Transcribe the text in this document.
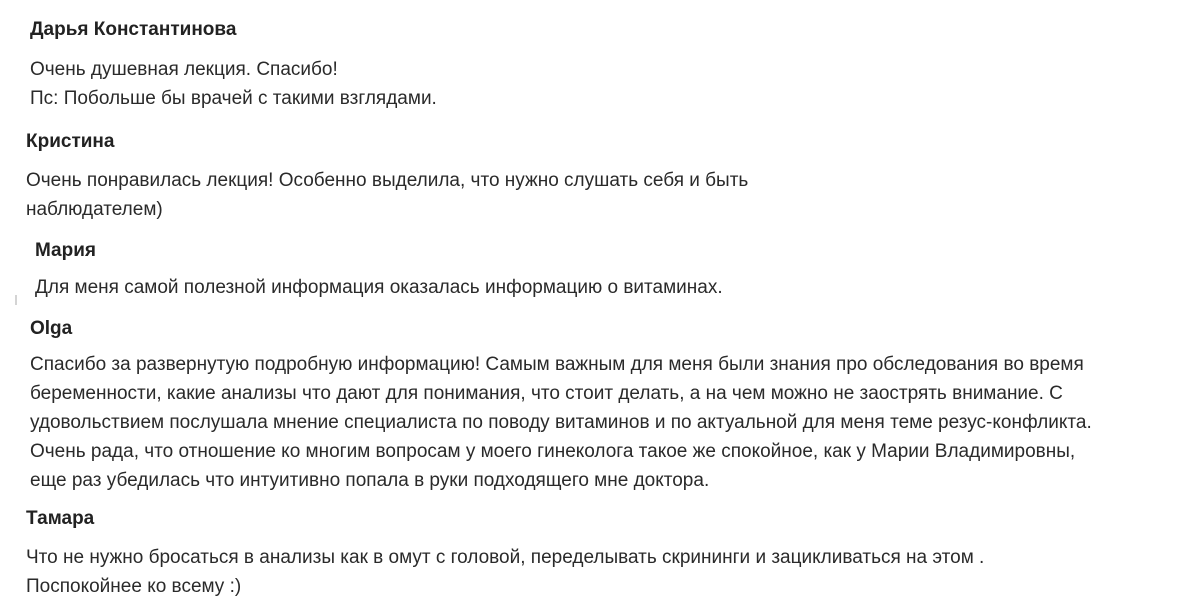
Дарья Константинова
Очень душевная лекция. Спасибо!
Пс: Побольше бы врачей с такими взглядами.
Кристина
Очень понравилась лекция! Особенно выделила, что нужно слушать себя и быть
наблюдателем)
Мария
Для меня самой полезной информация оказалась информацию о витаминах.
Olga
Спасибо за развернутую подробную информацию! Самым важным для меня были знания про обследования во время
беременности, какие анализы что дают для понимания, что стоит делать, а на чем можно не заострять внимание. С
удовольствием послушала мнение специалиста по поводу витаминов и по актуальной для меня теме резус-конфликта.
Очень рада, что отношение ко многим вопросам у моего гинеколога такое же спокойное, как у Марии Владимировны,
еще раз убедилась что интуитивно попала в руки подходящего мне доктора.
Тамара
Что не нужно бросаться в анализы как в омут с головой, переделывать скрининги и зацикливаться на этом .
Поспокойнее ко всему :)
